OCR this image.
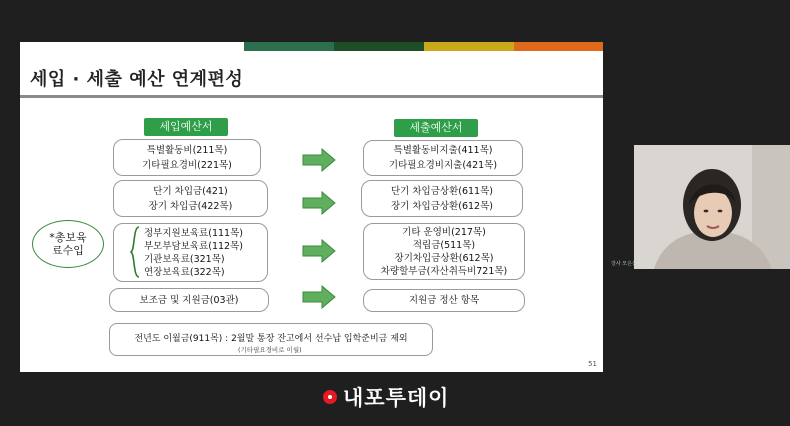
세입 · 세출 예산 연계편성
세입예산서	세출예산서
특별활동비(211목)
기타필요경비(221목)
단기 차입금(421)
장기 차입금(422목)
정부지원보육료(111목)
부모부담보육료(112목)
기관보육료(321목)
연장보육료(322목)
보조금 및 지원금(03관)
*총보육
료수입
특별활동비지출(411목)
기타필요경비지출(421목)
단기 차입금상환(611목)
장기 차입금상환(612목)
기타 운영비(217목)
적립금(511목)
장기차입금상환(612목)
차량할부금(자산취득비721목)
지원금 정산 항목
전년도 이월금(911목) : 2월말 통장 잔고에서 선수납 입학준비금 제외
(기타필요경비로 이월)
51
강사 모은선
내포투데이
